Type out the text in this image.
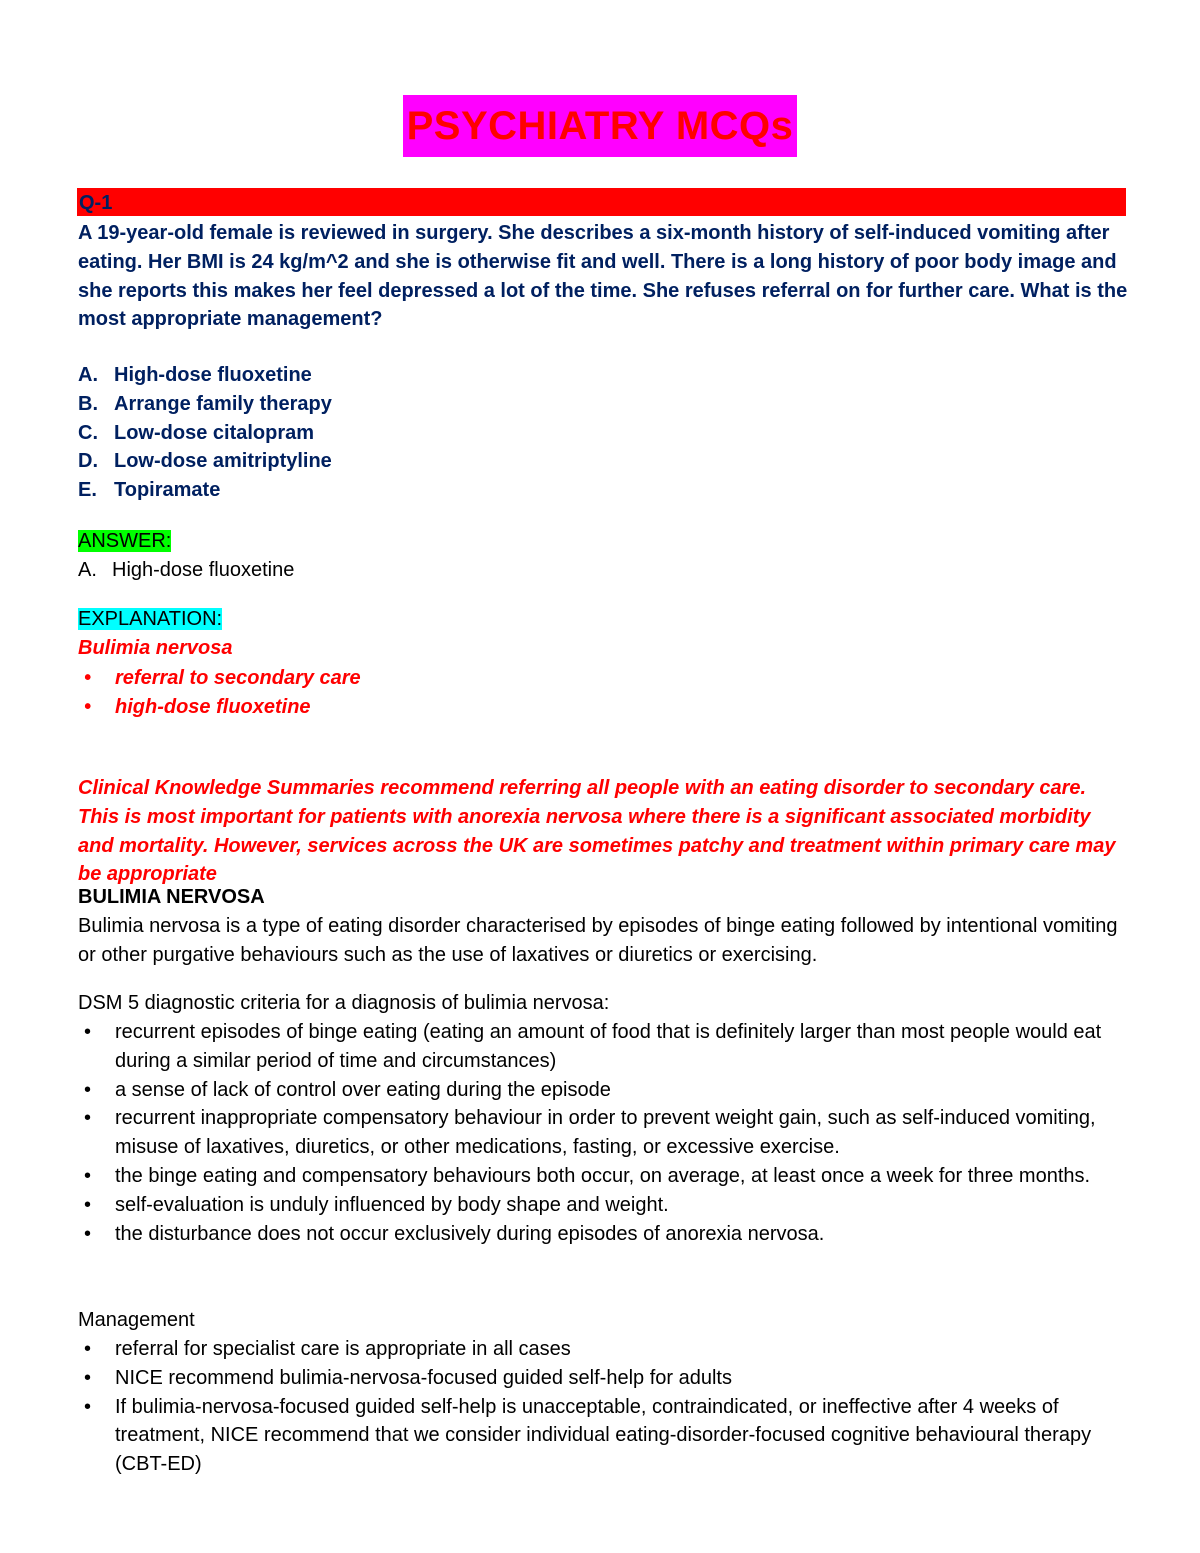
PSYCHIATRY MCQs
Q-1
A 19-year-old female is reviewed in surgery. She describes a six-month history of self-induced vomiting after eating. Her BMI is 24 kg/m^2 and she is otherwise fit and well. There is a long history of poor body image and she reports this makes her feel depressed a lot of the time. She refuses referral on for further care. What is the most appropriate management?
A. High-dose fluoxetine
B. Arrange family therapy
C. Low-dose citalopram
D. Low-dose amitriptyline
E. Topiramate
ANSWER:
A. High-dose fluoxetine
EXPLANATION:
Bulimia nervosa
•
referral to secondary care
•
high-dose fluoxetine
Clinical Knowledge Summaries recommend referring all people with an eating disorder to secondary care. This is most important for patients with anorexia nervosa where there is a significant associated morbidity and mortality. However, services across the UK are sometimes patchy and treatment within primary care may be appropriate
BULIMIA NERVOSA
Bulimia nervosa is a type of eating disorder characterised by episodes of binge eating followed by intentional vomiting or other purgative behaviours such as the use of laxatives or diuretics or exercising.
DSM 5 diagnostic criteria for a diagnosis of bulimia nervosa:
•
recurrent episodes of binge eating (eating an amount of food that is definitely larger than most people would eat during a similar period of time and circumstances)
•
a sense of lack of control over eating during the episode
•
recurrent inappropriate compensatory behaviour in order to prevent weight gain, such as self-induced vomiting, misuse of laxatives, diuretics, or other medications, fasting, or excessive exercise.
•
the binge eating and compensatory behaviours both occur, on average, at least once a week for three months.
•
self-evaluation is unduly influenced by body shape and weight.
•
the disturbance does not occur exclusively during episodes of anorexia nervosa.
Management
•
referral for specialist care is appropriate in all cases
•
NICE recommend bulimia-nervosa-focused guided self-help for adults
•
If bulimia-nervosa-focused guided self-help is unacceptable, contraindicated, or ineffective after 4 weeks of treatment, NICE recommend that we consider individual eating-disorder-focused cognitive behavioural therapy (CBT-ED)
